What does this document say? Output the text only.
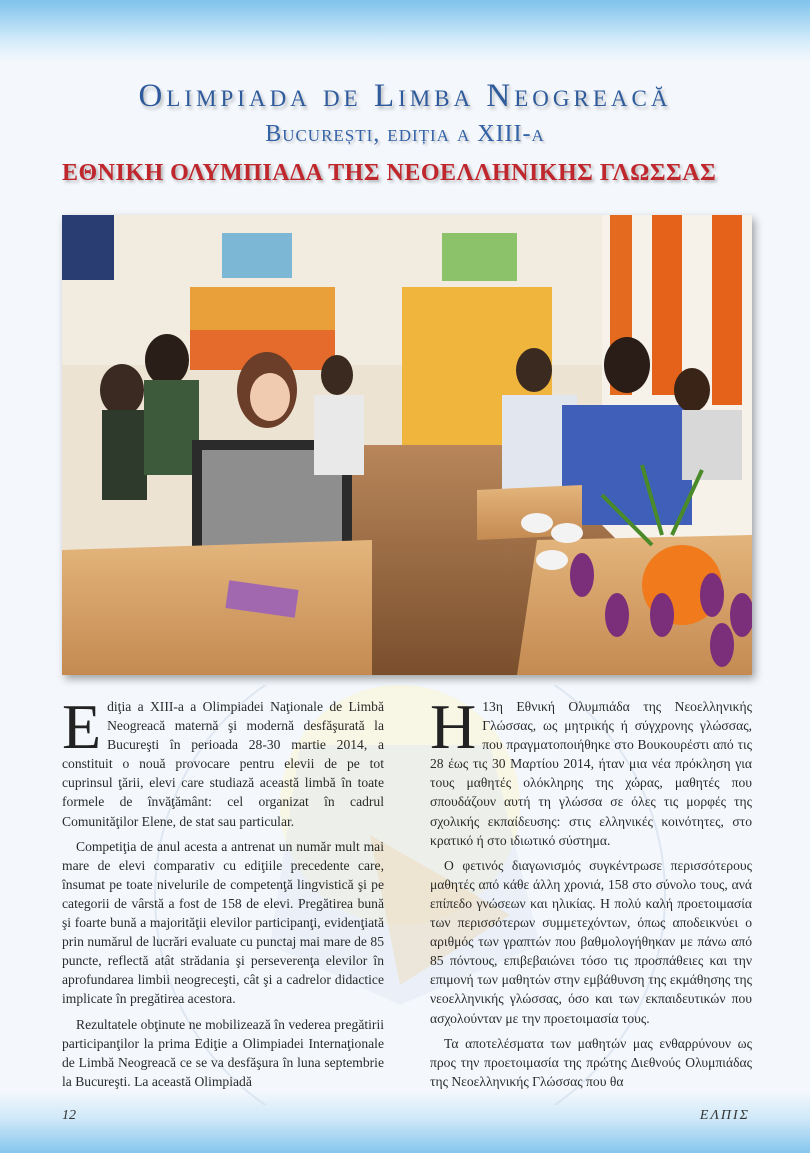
Olimpiada de Limba Neogreacă
București, ediția a XIII-a
ΕΘΝΙΚΗ ΟΛΥΜΠΙΑΔΑ ΤΗΣ ΝΕΟΕΛΛΗΝΙΚΗΣ ΓΛΩΣΣΑΣ

Ediţia a XIII-a a Olimpiadei Naţionale de Limbă Neogreacă maternă şi modernă desfăşurată la Bucureşti în perioada 28-30 martie 2014, a constituit o nouă provocare pentru elevii de pe tot cuprinsul ţării, elevi care studiază această limbă în toate formele de învăţământ: cel organizat în cadrul Comunităţilor Elene, de stat sau particular.

Competiţia de anul acesta a antrenat un număr mult mai mare de elevi comparativ cu ediţiile precedente care, însumat pe toate nivelurile de competenţă lingvistică şi pe categorii de vârstă a fost de 158 de elevi. Pregătirea bună şi foarte bună a majorităţii elevilor participanţi, evidenţiată prin numărul de lucrări evaluate cu punctaj mai mare de 85 puncte, reflectă atât strădania şi perseverenţa elevilor în aprofundarea limbii neogreceşti, cât şi a cadrelor didactice implicate în pregătirea acestora.

Rezultatele obţinute ne mobilizează în vederea pregătirii participanţilor la prima Ediţie a Olimpiadei Internaţionale de Limbă Neogreacă ce se va desfăşura în luna septembrie la Bucureşti. La această Olimpiadă

H 13η Εθνική Ολυμπιάδα της Νεοελληνικής Γλώσσας, ως μητρικής ή σύγχρονης γλώσσας, που πραγματοποιήθηκε στο Βουκουρέστι από τις 28 έως τις 30 Μαρτίου 2014, ήταν μια νέα πρόκληση για τους μαθητές ολόκληρης της χώρας, μαθητές που σπουδάζουν αυτή τη γλώσσα σε όλες τις μορφές της σχολικής εκπαίδευσης: στις ελληνικές κοινότητες, στο κρατικό ή στο ιδιωτικό σύστημα.

Ο φετινός διαγωνισμός συγκέντρωσε περισσότερους μαθητές από κάθε άλλη χρονιά, 158 στο σύνολο τους, ανά επίπεδο γνώσεων και ηλικίας. Η πολύ καλή προετοιμασία των περισσότερων συμμετεχόντων, όπως αποδεικνύει ο αριθμός των γραπτών που βαθμολογήθηκαν με πάνω από 85 πόντους, επιβεβαιώνει τόσο τις προσπάθειες και την επιμονή των μαθητών στην εμβάθυνση της εκμάθησης της νεοελληνικής γλώσσας, όσο και των εκπαιδευτικών που ασχολούνταν με την προετοιμασία τους.

Τα αποτελέσματα των μαθητών μας ενθαρρύνουν ως προς την προετοιμασία της πρώτης Διεθνούς Ολυμπιάδας της Νεοελληνικής Γλώσσας που θα

12	ΕΛΠΙΣ
